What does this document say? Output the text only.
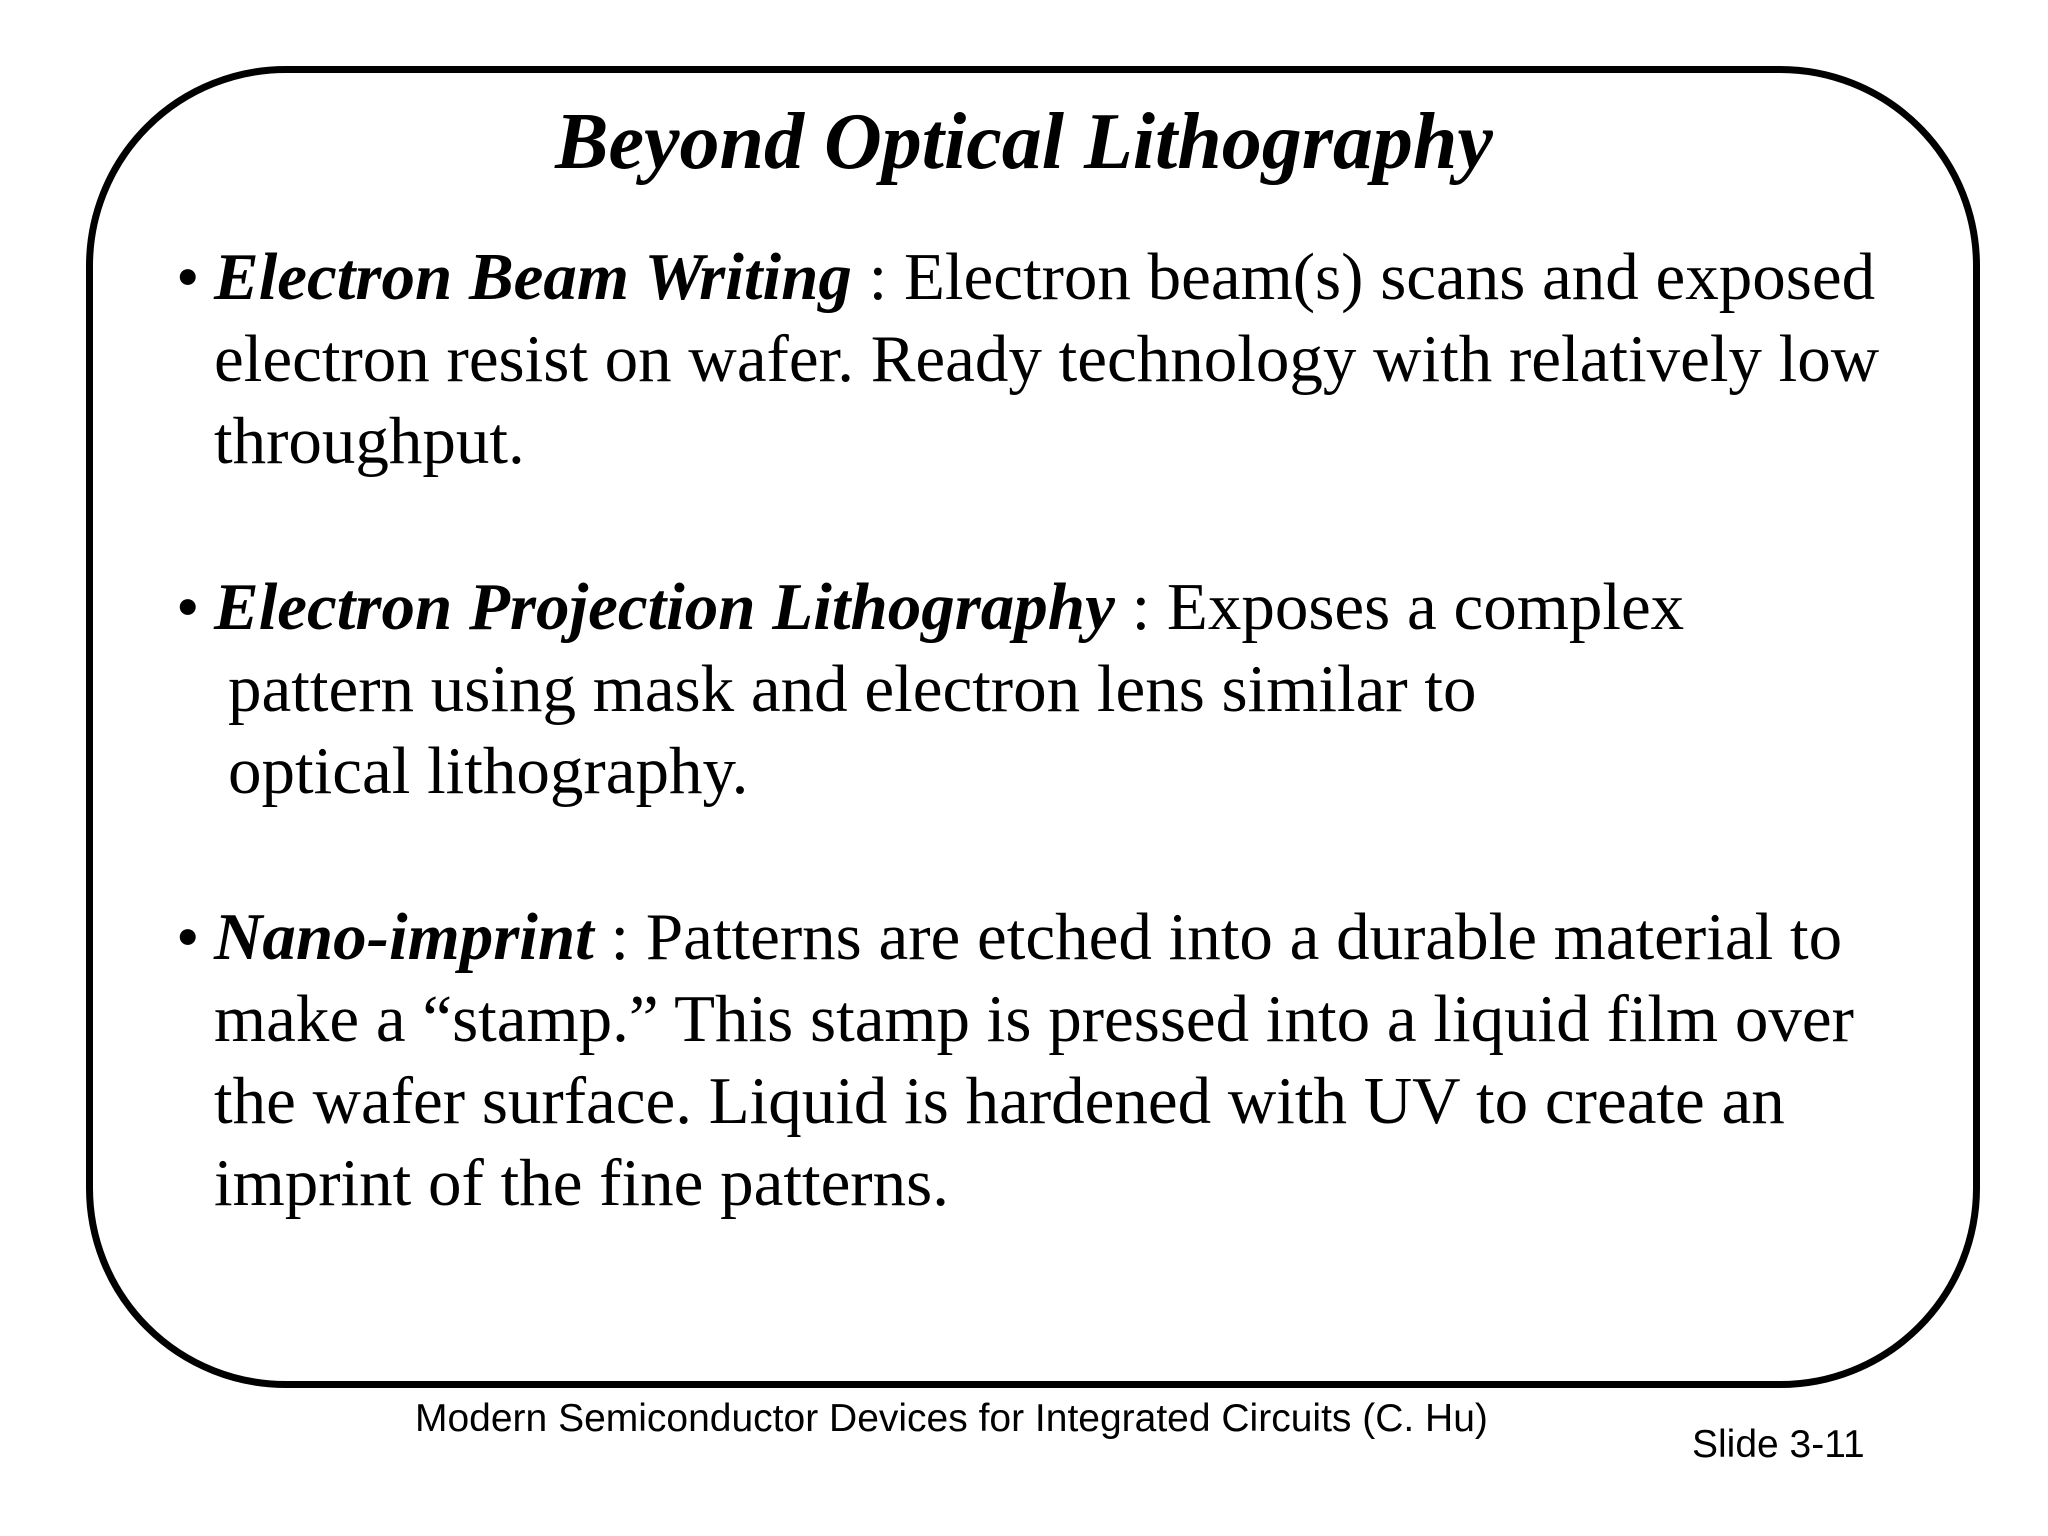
Beyond Optical Lithography
• Electron Beam Writing : Electron beam(s) scans and exposed
electron resist on wafer. Ready technology with relatively low
throughput.
• Electron Projection Lithography : Exposes a complex
pattern using mask and electron lens similar to
optical lithography.
• Nano-imprint : Patterns are etched into a durable material to
make a “stamp.” This stamp is pressed into a liquid film over
the wafer surface. Liquid is hardened with UV to create an
imprint of the fine patterns.
Modern Semiconductor Devices for Integrated Circuits (C. Hu)
Slide 3-11
